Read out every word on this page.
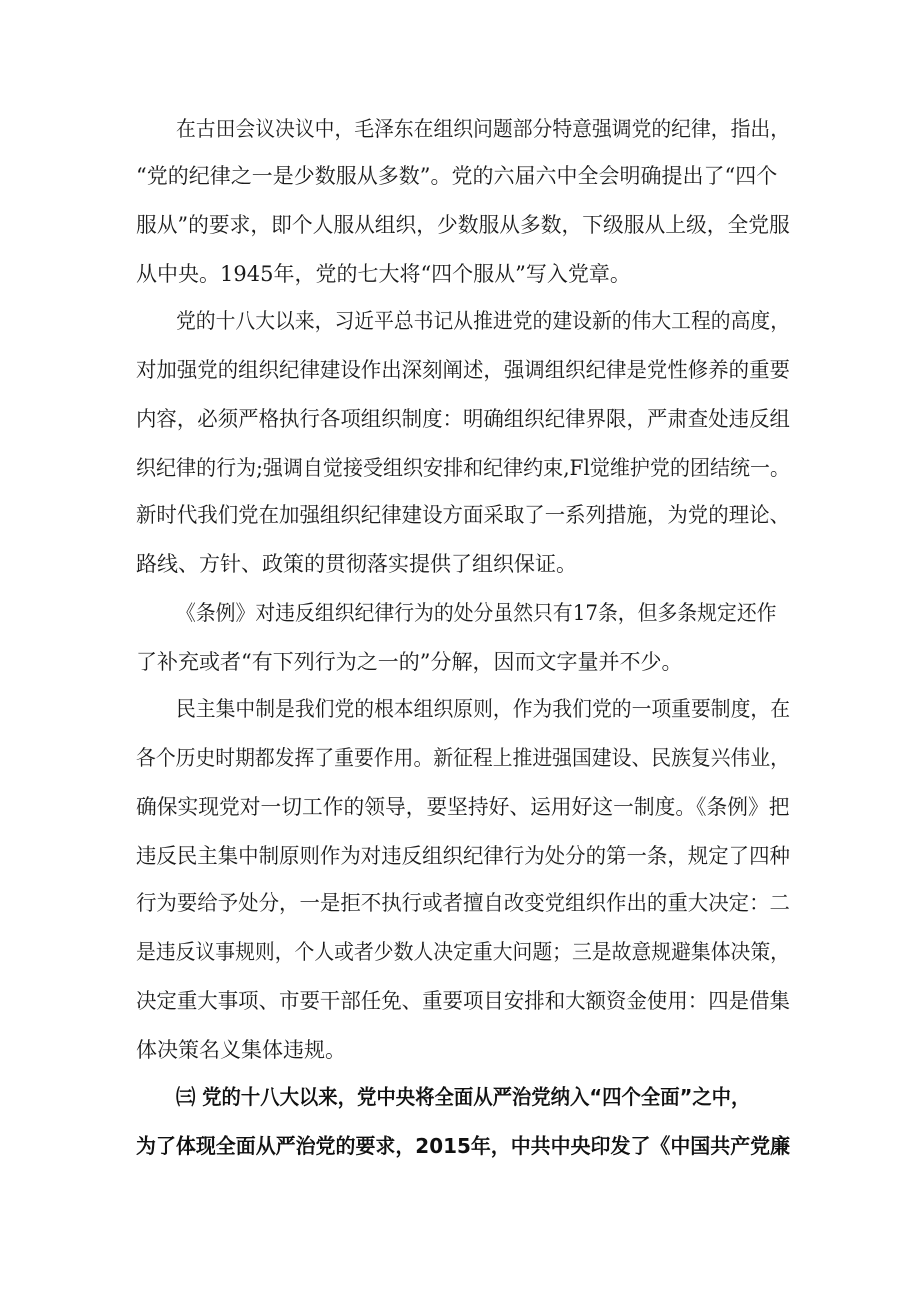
在古田会议决议中，毛泽东在组织问题部分特意强调党的纪律，指出，
“党的纪律之一是少数服从多数”。党的六届六中全会明确提出了“四个
服从”的要求，即个人服从组织，少数服从多数，下级服从上级，全党服
从中央。1945年，党的七大将“四个服从”写入党章。
党的十八大以来，习近平总书记从推进党的建设新的伟大工程的高度，
对加强党的组织纪律建设作出深刻阐述，强调组织纪律是党性修养的重要
内容，必须严格执行各项组织制度：明确组织纪律界限，严肃查处违反组
织纪律的行为;强调自觉接受组织安排和纪律约束,Fl觉维护党的团结统一。
新时代我们党在加强组织纪律建设方面采取了一系列措施，为党的理论、
路线、方针、政策的贯彻落实提供了组织保证。
《条例》对违反组织纪律行为的处分虽然只有17条，但多条规定还作
了补充或者“有下列行为之一的”分解，因而文字量并不少。
民主集中制是我们党的根本组织原则，作为我们党的一项重要制度，在
各个历史时期都发挥了重要作用。新征程上推进强国建设、民族复兴伟业，
确保实现党对一切工作的领导，要坚持好、运用好这一制度。《条例》把
违反民主集中制原则作为对违反组织纪律行为处分的第一条，规定了四种
行为要给予处分，一是拒不执行或者擅自改变党组织作出的重大决定：二
是违反议事规则，个人或者少数人决定重大问题；三是故意规避集体决策，
决定重大事项、市要干部任免、重要项目安排和大额资金使用：四是借集
体决策名义集体违规。
㈢ 党的十八大以来，党中央将全面从严治党纳入“四个全面”之中，
为了体现全面从严治党的要求，2015年，中共中央印发了《中国共产党廉
